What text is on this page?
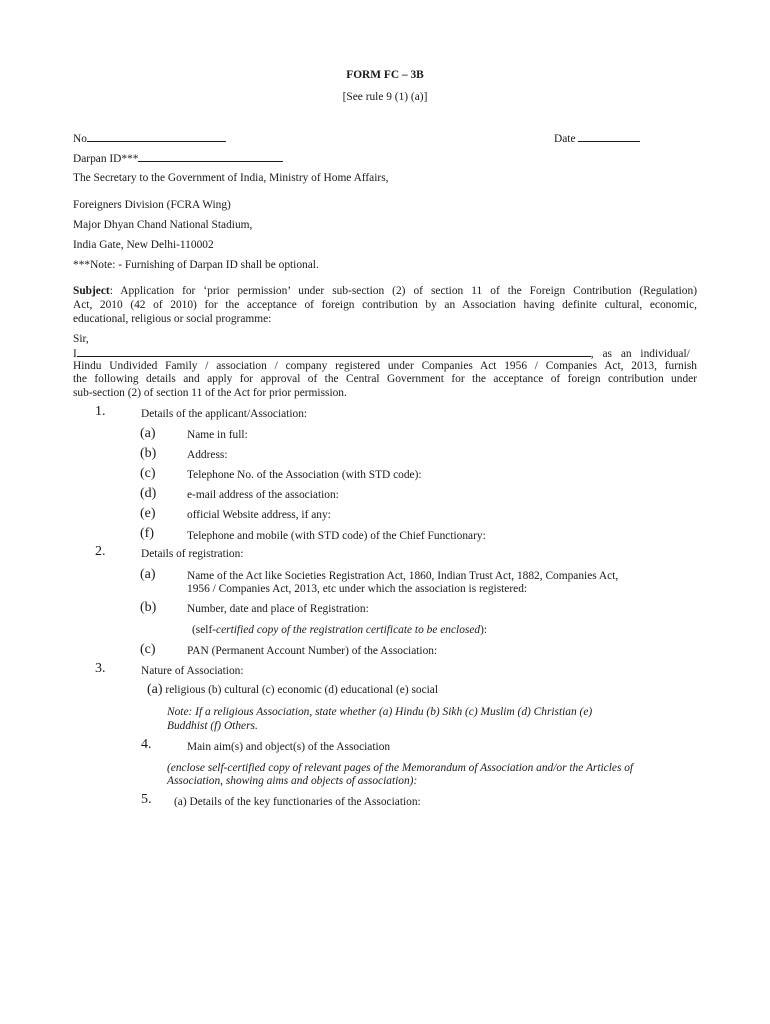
FORM FC – 3B
[See rule 9 (1) (a)]
No	Date
Darpan ID***
The Secretary to the Government of India, Ministry of Home Affairs,
Foreigners Division (FCRA Wing)
Major Dhyan Chand National Stadium,
India Gate, New Delhi-110002
***Note: - Furnishing of Darpan ID shall be optional.
Subject: Application for ‘prior permission’ under sub-section (2) of section 11 of the Foreign Contribution (Regulation)
Act, 2010 (42 of 2010) for the acceptance of foreign contribution by an Association having definite cultural, economic,
educational, religious or social programme:
Sir,
I	, as an individual/
Hindu Undivided Family / association / company registered under Companies Act 1956 / Companies Act, 2013, furnish
the following details and apply for approval of the Central Government for the acceptance of foreign contribution under
sub-section (2) of section 11 of the Act for prior permission.
1.	Details of the applicant/Association:
(a)	Name in full:
(b)	Address:
(c)	Telephone No. of the Association (with STD code):
(d)	e-mail address of the association:
(e)	official Website address, if any:
(f)	Telephone and mobile (with STD code) of the Chief Functionary:
2.	Details of registration:
(a)	Name of the Act like Societies Registration Act, 1860, Indian Trust Act, 1882, Companies Act,
1956 / Companies Act, 2013, etc under which the association is registered:
(b)	Number, date and place of Registration:
(self-certified copy of the registration certificate to be enclosed):
(c)	PAN (Permanent Account Number) of the Association:
3.	Nature of Association:
(a) religious (b) cultural (c) economic (d) educational (e) social
Note: If a religious Association, state whether (a) Hindu (b) Sikh (c) Muslim (d) Christian (e)
Buddhist (f) Others.
4.	Main aim(s) and object(s) of the Association
(enclose self-certified copy of relevant pages of the Memorandum of Association and/or the Articles of
Association, showing aims and objects of association):
5. (a) Details of the key functionaries of the Association:
